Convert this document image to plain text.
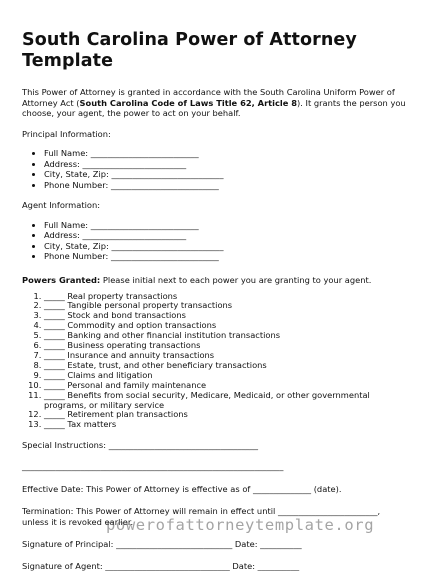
South Carolina Power of Attorney
Template

This Power of Attorney is granted in accordance with the South Carolina Uniform Power of Attorney Act (South Carolina Code of Laws Title 62, Article 8). It grants the person you choose, your agent, the power to act on your behalf.

Principal Information:

• Full Name: __________________________
• Address: _________________________
• City, State, Zip: ___________________________
• Phone Number: __________________________

Agent Information:

• Full Name: __________________________
• Address: _________________________
• City, State, Zip: ___________________________
• Phone Number: __________________________

Powers Granted: Please initial next to each power you are granting to your agent.

1. _____ Real property transactions
2. _____ Tangible personal property transactions
3. _____ Stock and bond transactions
4. _____ Commodity and option transactions
5. _____ Banking and other financial institution transactions
6. _____ Business operating transactions
7. _____ Insurance and annuity transactions
8. _____ Estate, trust, and other beneficiary transactions
9. _____ Claims and litigation
10. _____ Personal and family maintenance
11. _____ Benefits from social security, Medicare, Medicaid, or other governmental programs, or military service
12. _____ Retirement plan transactions
13. _____ Tax matters

Special Instructions: ____________________________________

_______________________________________________________________

Effective Date: This Power of Attorney is effective as of ______________ (date).

Termination: This Power of Attorney will remain in effect until ________________________, unless it is revoked earlier.

Signature of Principal: ____________________________ Date: __________

Signature of Agent: ______________________________ Date: __________

powerofattorneytemplate.org
